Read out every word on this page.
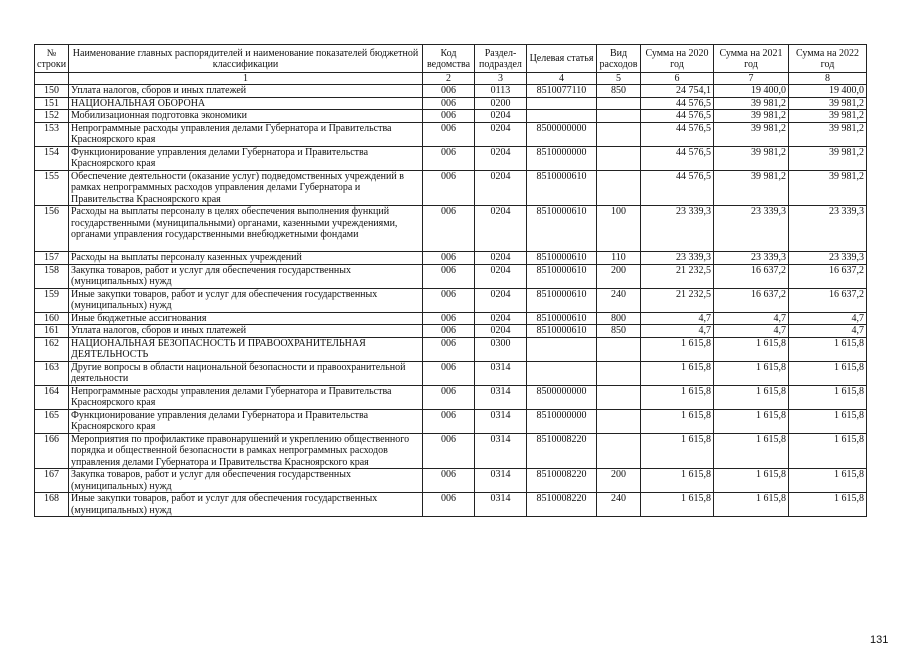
№ строки	Наименование главных распорядителей и наименование показателей бюджетной классификации	Код ведомства	Раздел-подраздел	Целевая статья	Вид расходов	Сумма на 2020 год	Сумма на 2021 год	Сумма на 2022 год
	1	2	3	4	5	6	7	8
150	Уплата налогов, сборов и иных платежей	006	0113	8510077110	850	24 754,1	19 400,0	19 400,0
151	НАЦИОНАЛЬНАЯ ОБОРОНА	006	0200			44 576,5	39 981,2	39 981,2
152	Мобилизационная подготовка экономики	006	0204			44 576,5	39 981,2	39 981,2
153	Непрограммные расходы управления делами Губернатора и Правительства Красноярского края	006	0204	8500000000		44 576,5	39 981,2	39 981,2
154	Функционирование управления делами Губернатора и Правительства Красноярского края	006	0204	8510000000		44 576,5	39 981,2	39 981,2
155	Обеспечение деятельности (оказание услуг) подведомственных учреждений в рамках непрограммных расходов управления делами Губернатора и Правительства Красноярского края	006	0204	8510000610		44 576,5	39 981,2	39 981,2
156	Расходы на выплаты персоналу в целях обеспечения выполнения функций государственными (муниципальными) органами, казенными учреждениями, органами управления государственными внебюджетными фондами	006	0204	8510000610	100	23 339,3	23 339,3	23 339,3
157	Расходы на выплаты персоналу казенных учреждений	006	0204	8510000610	110	23 339,3	23 339,3	23 339,3
158	Закупка товаров, работ и услуг для обеспечения государственных (муниципальных) нужд	006	0204	8510000610	200	21 232,5	16 637,2	16 637,2
159	Иные закупки товаров, работ и услуг для обеспечения государственных (муниципальных) нужд	006	0204	8510000610	240	21 232,5	16 637,2	16 637,2
160	Иные бюджетные ассигнования	006	0204	8510000610	800	4,7	4,7	4,7
161	Уплата налогов, сборов и иных платежей	006	0204	8510000610	850	4,7	4,7	4,7
162	НАЦИОНАЛЬНАЯ БЕЗОПАСНОСТЬ И ПРАВООХРАНИТЕЛЬНАЯ ДЕЯТЕЛЬНОСТЬ	006	0300			1 615,8	1 615,8	1 615,8
163	Другие вопросы в области национальной безопасности и правоохранительной деятельности	006	0314			1 615,8	1 615,8	1 615,8
164	Непрограммные расходы управления делами Губернатора и Правительства Красноярского края	006	0314	8500000000		1 615,8	1 615,8	1 615,8
165	Функционирование управления делами Губернатора и Правительства Красноярского края	006	0314	8510000000		1 615,8	1 615,8	1 615,8
166	Мероприятия по профилактике правонарушений и укреплению общественного порядка и общественной безопасности в рамках непрограммных расходов управления делами Губернатора и Правительства Красноярского края	006	0314	8510008220		1 615,8	1 615,8	1 615,8
167	Закупка товаров, работ и услуг для обеспечения государственных (муниципальных) нужд	006	0314	8510008220	200	1 615,8	1 615,8	1 615,8
168	Иные закупки товаров, работ и услуг для обеспечения государственных (муниципальных) нужд	006	0314	8510008220	240	1 615,8	1 615,8	1 615,8
131
